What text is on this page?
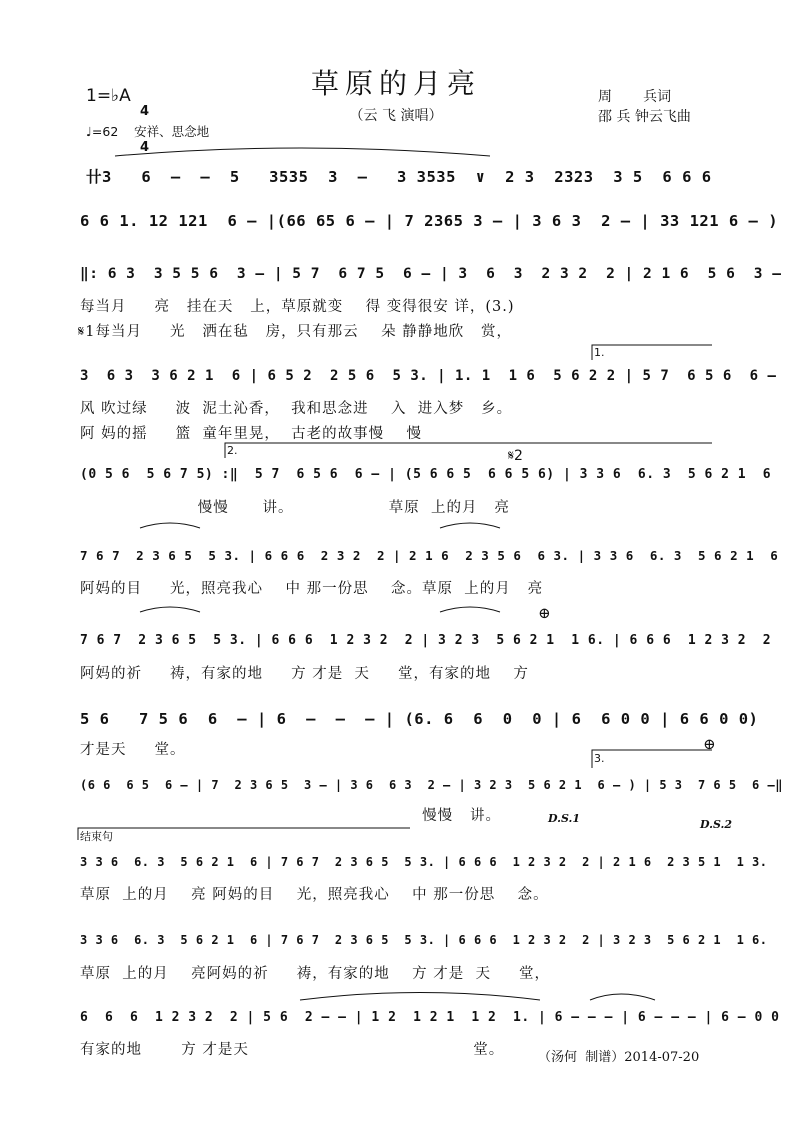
草原的月亮
（云 飞 演唱）
1=♭A

4

4

♩=62    安祥、思念地
周       兵词
邵 兵 钟云飞曲
卄3   6  –  –  5   3535  3  –   3 3535  ∨  2 3  2323  3 5  6 6 6
6 6 1. 12 121  6 – |(66 65 6 – | 7 2365 3 – | 3 6 3  2 – | 33 121 6 – )
‖: 6 3  3 5 5 6  3 – | 5 7  6 7 5  6 – | 3  6  3  2 3 2  2 | 2 1 6  5 6  3 –
每当月     亮   挂在天   上，草原就变    得 变得很安 详，(3.)
𝄋1每当月     光   洒在毡   房，只有那云    朵 静静地欣   赏，
3  6 3  3 6 2 1  6 | 6 5 2  2 5 6  5 3. | 1. 1  1 6  5 6 2 2 | 5 7  6 5 6  6 –
风 吹过绿     波  泥土沁香，  我和思念进    入  进入梦   乡。
阿 妈的摇     篮  童年里晃，  古老的故事慢    慢
(0 5 6  5 6 7 5) :‖  5 7  6 5 6  6 – | (5 6 6 5  6 6 5 6) | 3 3 6  6. 3  5 6 2 1  6
慢慢      讲。                 草原  上的月   亮
7 6 7  2 3 6 5  5 3. | 6 6 6  2 3 2  2 | 2 1 6  2 3 5 6  6 3. | 3 3 6  6. 3  5 6 2 1  6
阿妈的目     光，照亮我心    中 那一份思    念。草原  上的月   亮
7 6 7  2 3 6 5  5 3. | 6 6 6  1 2 3 2  2 | 3 2 3  5 6 2 1  1 6. | 6 6 6  1 2 3 2  2
阿妈的祈     祷，有家的地     方 才是  天     堂，有家的地    方
5 6   7 5 6  6  – | 6  –  –  – | (6. 6  6  0  0 | 6  6 0 0 | 6 6 0 0)
才是天     堂。
(6 6  6 5  6 – | 7  2 3 6 5  3 – | 3 6  6 3  2 – | 3 2 3  5 6 2 1  6 – ) | 5 3  7 6 5  6 –‖
慢慢   讲。
3 3 6  6. 3  5 6 2 1  6 | 7 6 7  2 3 6 5  5 3. | 6 6 6  1 2 3 2  2 | 2 1 6  2 3 5 1  1 3.
草原  上的月    亮 阿妈的目    光，照亮我心    中 那一份思    念。
3 3 6  6. 3  5 6 2 1  6 | 7 6 7  2 3 6 5  5 3. | 6 6 6  1 2 3 2  2 | 3 2 3  5 6 2 1  1 6.
草原  上的月    亮阿妈的祈     祷，有家的地    方 才是  天     堂，
6  6  6  1 2 3 2  2 | 5 6  2 – – | 1 2  1 2 1  1 2  1. | 6 – – – | 6 – – – | 6 – 0 0
有家的地       方 才是天                                        堂。
1.
2.
3.
结束句
D.S.1	D.S.2
𝄋2
⊕
⊕
（汤何  制谱）2014-07-20
